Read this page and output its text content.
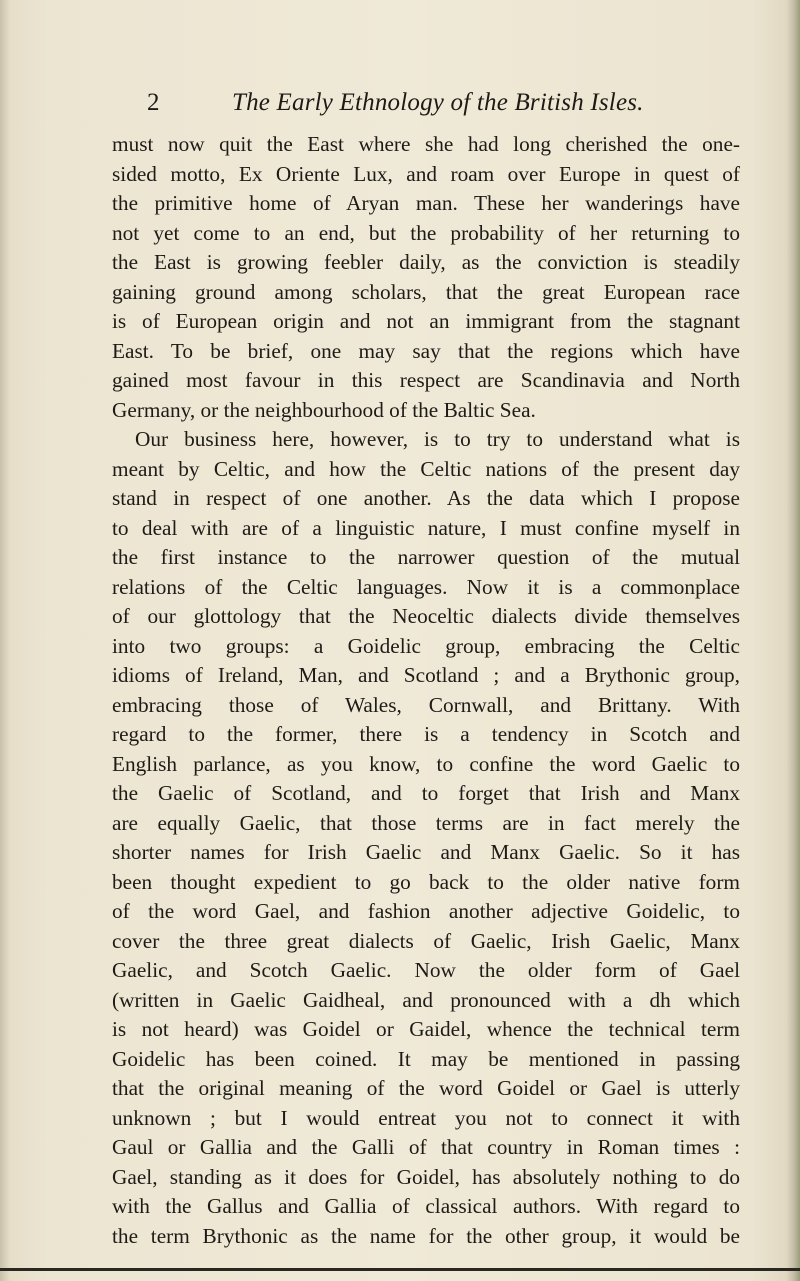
2	The Early Ethnology of the British Isles.
must now quit the East where she had long cherished the one-
sided motto, Ex Oriente Lux, and roam over Europe in quest of
the primitive home of Aryan man. These her wanderings have
not yet come to an end, but the probability of her returning to
the East is growing feebler daily, as the conviction is steadily
gaining ground among scholars, that the great European race
is of European origin and not an immigrant from the stagnant
East. To be brief, one may say that the regions which have
gained most favour in this respect are Scandinavia and North
Germany, or the neighbourhood of the Baltic Sea.
Our business here, however, is to try to understand what is
meant by Celtic, and how the Celtic nations of the present day
stand in respect of one another. As the data which I propose
to deal with are of a linguistic nature, I must confine myself in
the first instance to the narrower question of the mutual
relations of the Celtic languages. Now it is a commonplace
of our glottology that the Neoceltic dialects divide themselves
into two groups: a Goidelic group, embracing the Celtic
idioms of Ireland, Man, and Scotland ; and a Brythonic group,
embracing those of Wales, Cornwall, and Brittany. With
regard to the former, there is a tendency in Scotch and
English parlance, as you know, to confine the word Gaelic to
the Gaelic of Scotland, and to forget that Irish and Manx
are equally Gaelic, that those terms are in fact merely the
shorter names for Irish Gaelic and Manx Gaelic. So it has
been thought expedient to go back to the older native form
of the word Gael, and fashion another adjective Goidelic, to
cover the three great dialects of Gaelic, Irish Gaelic, Manx
Gaelic, and Scotch Gaelic. Now the older form of Gael
(written in Gaelic Gaidheal, and pronounced with a dh which
is not heard) was Goidel or Gaidel, whence the technical term
Goidelic has been coined. It may be mentioned in passing
that the original meaning of the word Goidel or Gael is utterly
unknown ; but I would entreat you not to connect it with
Gaul or Gallia and the Galli of that country in Roman times :
Gael, standing as it does for Goidel, has absolutely nothing to do
with the Gallus and Gallia of classical authors. With regard to
the term Brythonic as the name for the other group, it would be
